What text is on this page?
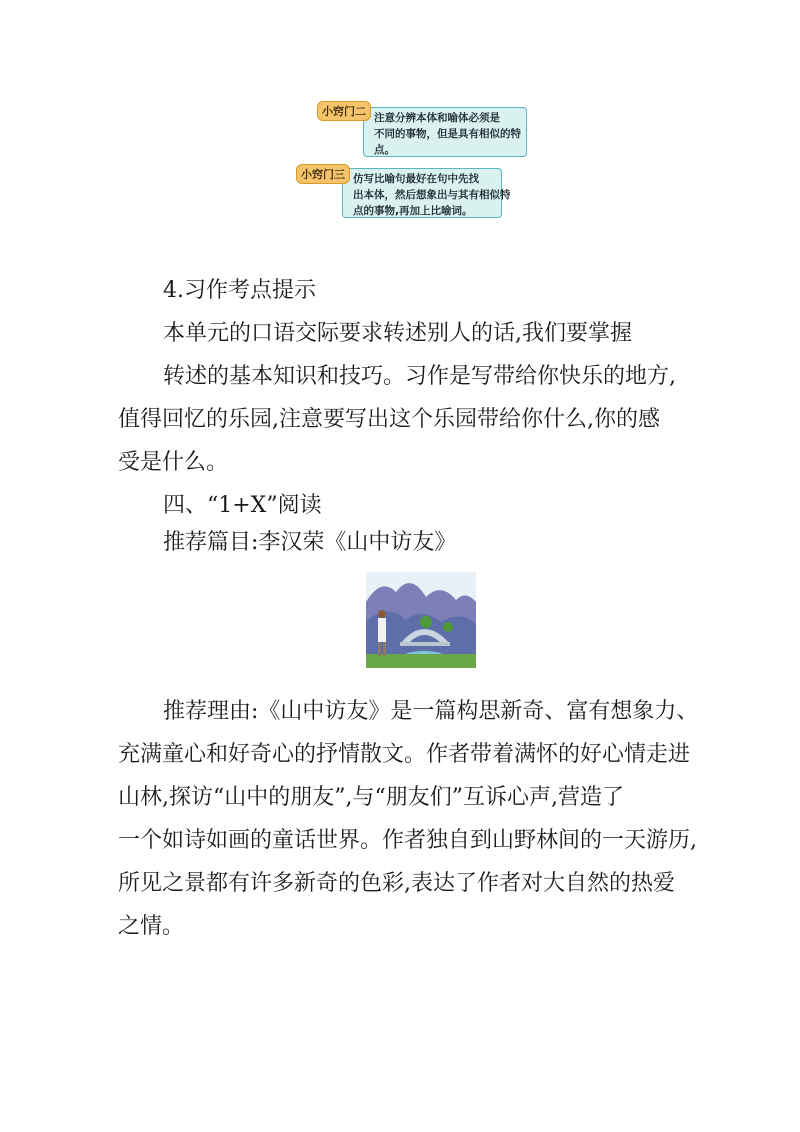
小窍门二 注意分辨本体和喻体必须是
不同的事物，但是具有相似的特
点。
小窍门三 仿写比喻句最好在句中先找
出本体，然后想象出与其有相似特
点的事物,再加上比喻词。
4.习作考点提示
本单元的口语交际要求转述别人的话,我们要掌握
转述的基本知识和技巧。习作是写带给你快乐的地方,
值得回忆的乐园,注意要写出这个乐园带给你什么,你的感
受是什么。
四、“1+X”阅读
推荐篇目:李汉荣《山中访友》
推荐理由:《山中访友》是一篇构思新奇、富有想象力、
充满童心和好奇心的抒情散文。作者带着满怀的好心情走进
山林,探访“山中的朋友”,与“朋友们”互诉心声,营造了
一个如诗如画的童话世界。作者独自到山野林间的一天游历,
所见之景都有许多新奇的色彩,表达了作者对大自然的热爱
之情。
